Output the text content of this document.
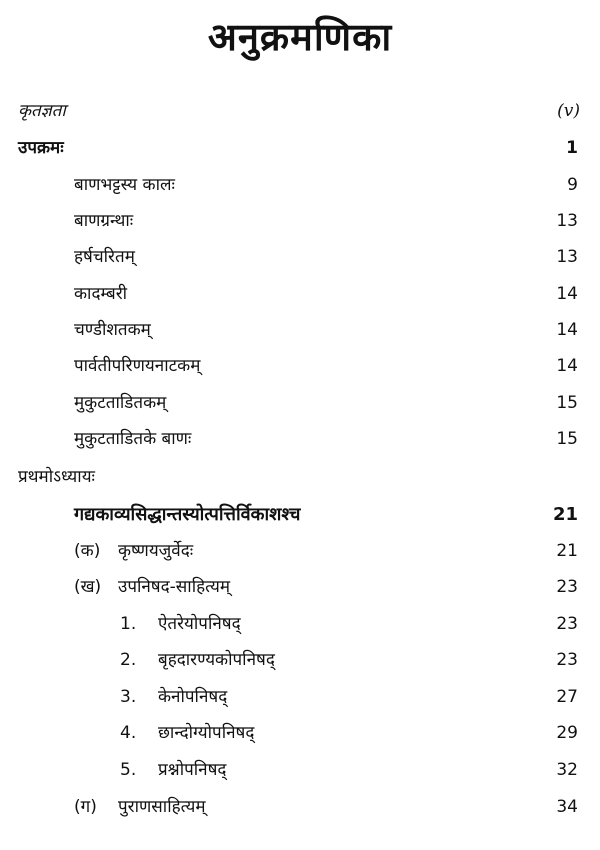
अनुक्रमणिका
कृतज्ञता	(v)
उपक्रमः	1
बाणभट्टस्य कालः	9
बाणग्रन्थाः	13
हर्षचरितम्	13
कादम्बरी	14
चण्डीशतकम्	14
पार्वतीपरिणयनाटकम्	14
मुकुटताडितकम्	15
मुकुटताडितके बाणः	15
प्रथमोऽध्यायः
गद्यकाव्यसिद्धान्तस्योत्पत्तिर्विकाशश्च	21
(क) कृष्णयजुर्वेदः	21
(ख) उपनिषद-साहित्यम्	23
1. ऐतरेयोपनिषद्	23
2. बृहदारण्यकोपनिषद्	23
3. केनोपनिषद्	27
4. छान्दोग्योपनिषद्	29
5. प्रश्नोपनिषद्	32
(ग) पुराणसाहित्यम्	34
